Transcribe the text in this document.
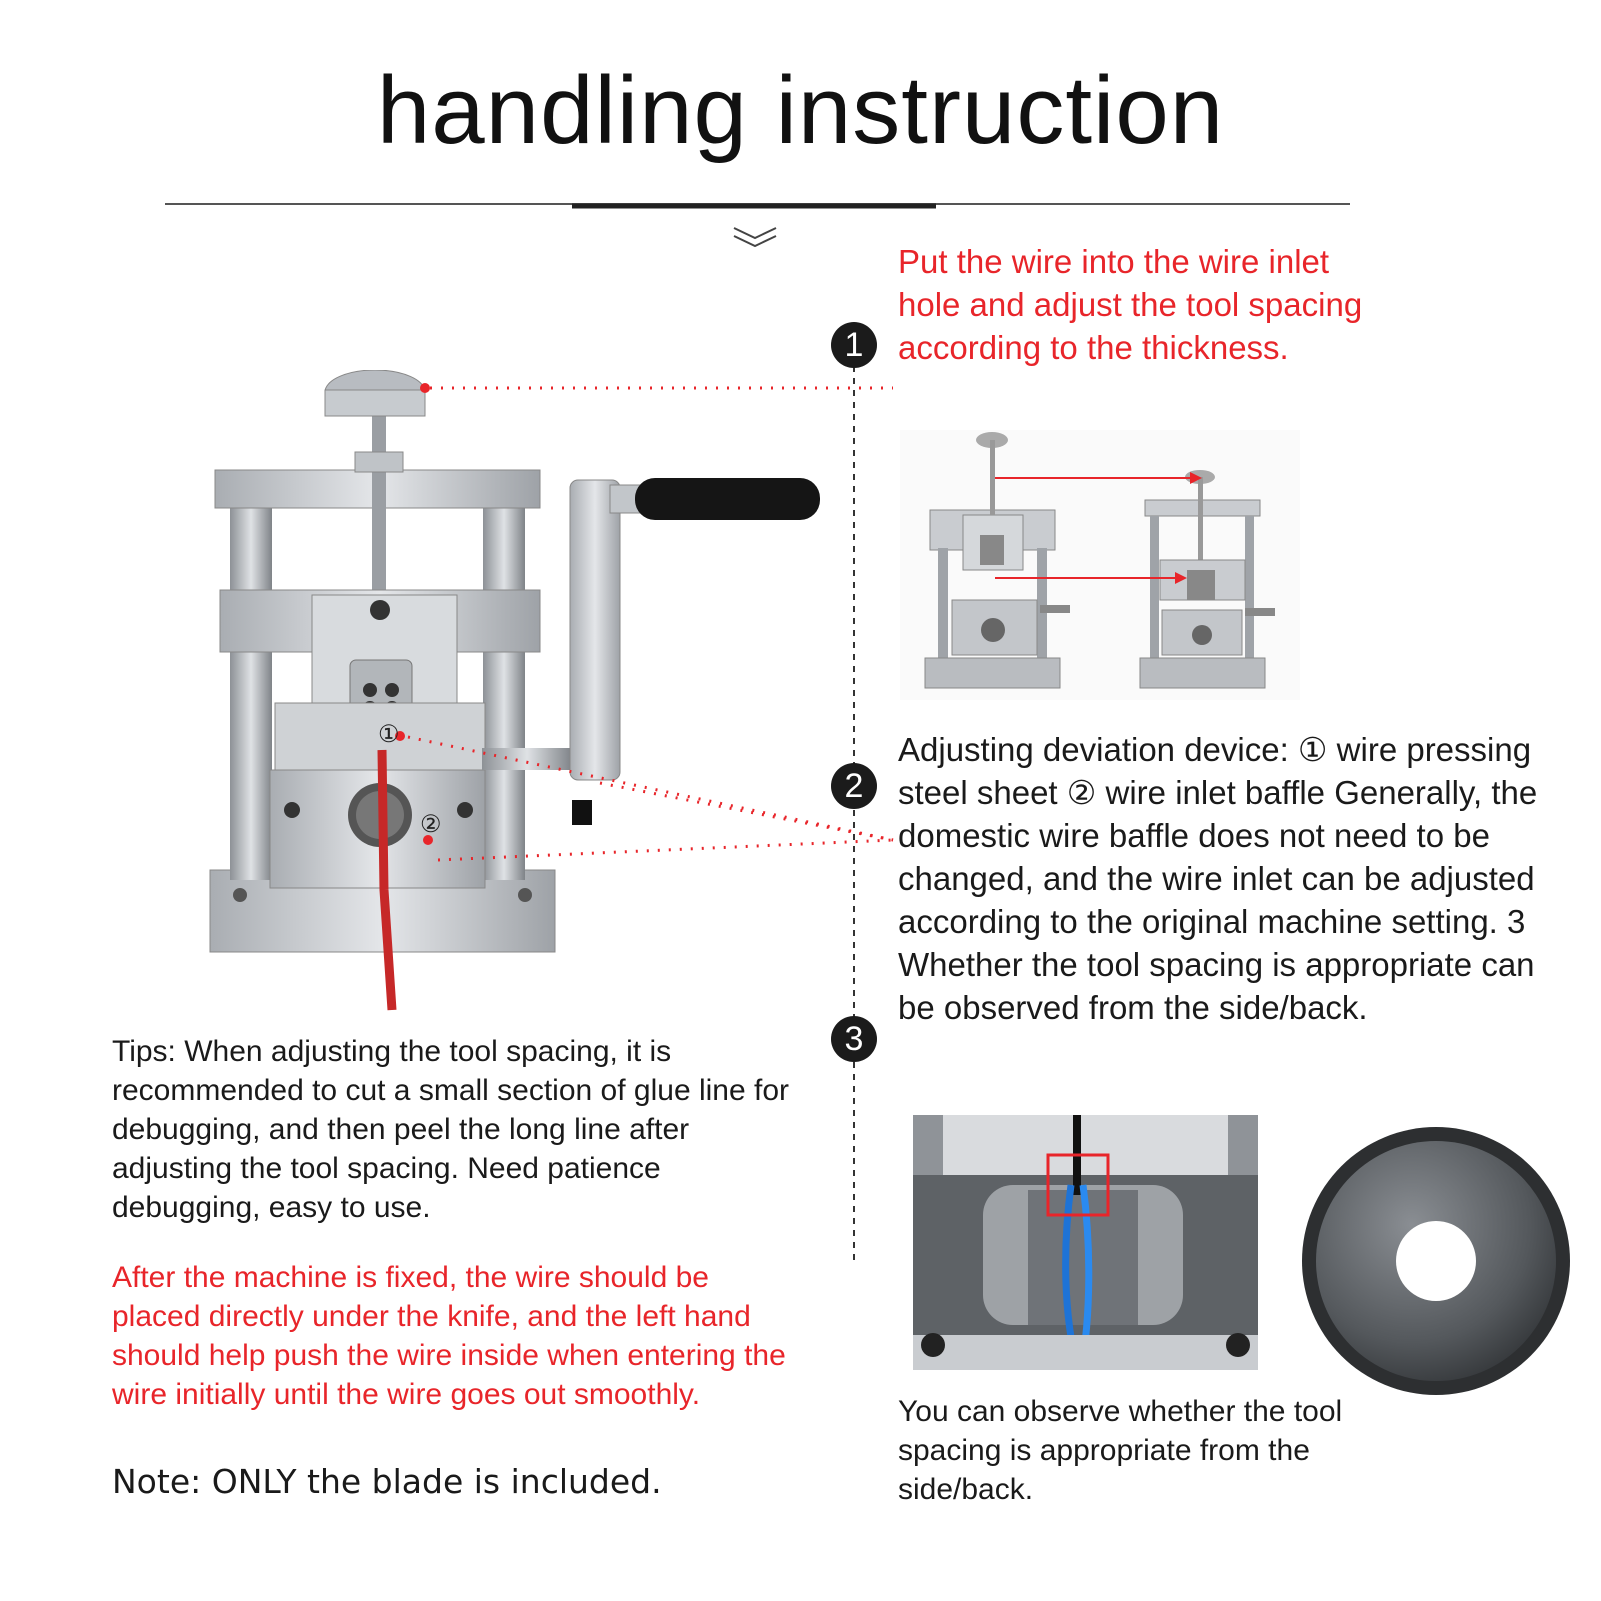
handling instruction
1
2
3
Put the wire into the wire inlet hole and adjust the tool spacing according to the thickness.
Adjusting deviation device: ① wire pressing steel sheet ② wire inlet baffle Generally, the domestic wire baffle does not need to be changed, and the wire inlet can be adjusted according to the original machine setting. 3 Whether the tool spacing is appropriate can be observed from the side/back.
①
②
Tips: When adjusting the tool spacing, it is recommended to cut a small section of glue line for debugging, and then peel the long line after adjusting the tool spacing. Need patience debugging, easy to use.
After the machine is fixed, the wire should be placed directly under the knife, and the left hand should help push the wire inside when entering the wire initially until the wire goes out smoothly.
Note: ONLY the blade is included.
You can observe whether the tool spacing is appropriate from the side/back.
